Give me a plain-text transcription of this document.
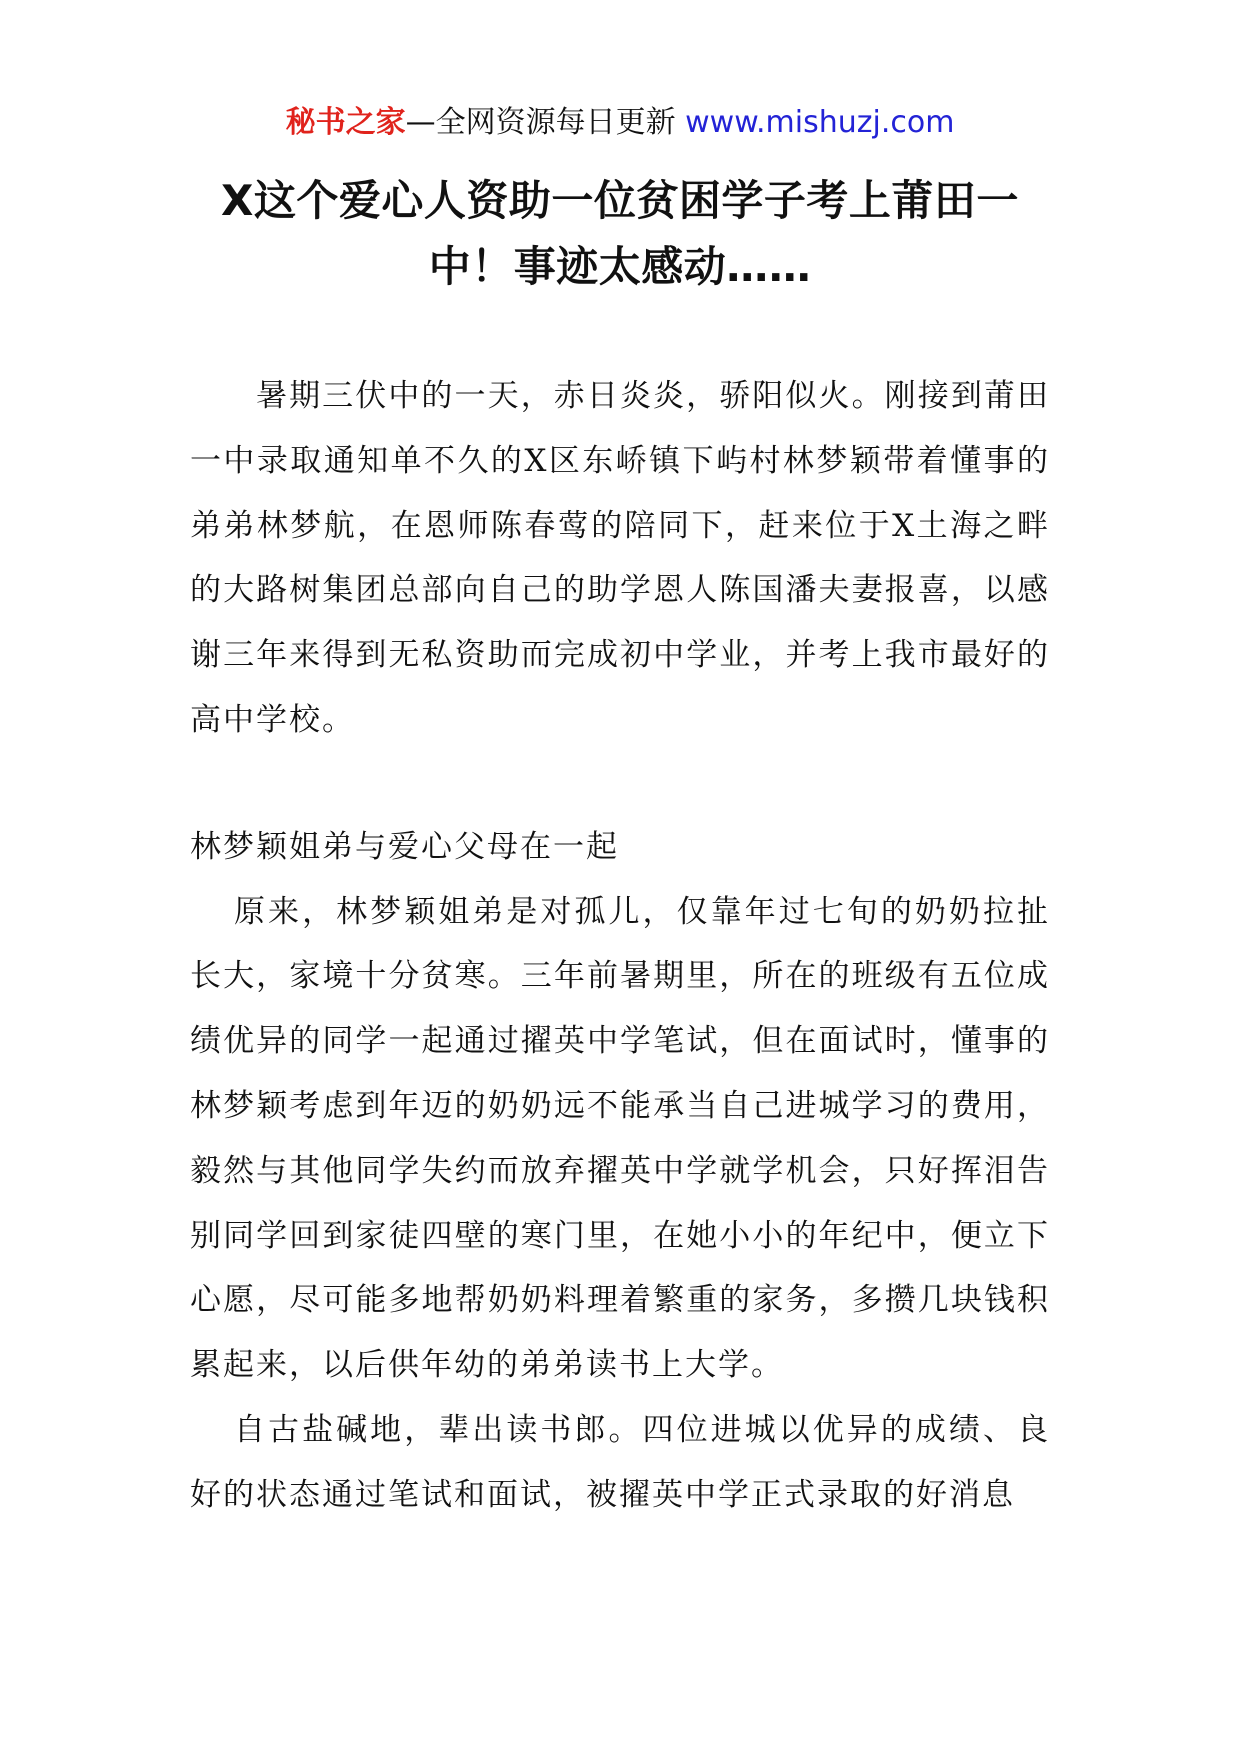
秘书之家—全网资源每日更新 www.mishuzj.com
X这个爱心人资助一位贫困学子考上莆田一中！事迹太感动……

暑期三伏中的一天，赤日炎炎，骄阳似火。刚接到莆田一中录取通知单不久的X区东峤镇下屿村林梦颖带着懂事的弟弟林梦航，在恩师陈春莺的陪同下，赶来位于X土海之畔的大路树集团总部向自己的助学恩人陈国潘夫妻报喜，以感谢三年来得到无私资助而完成初中学业，并考上我市最好的高中学校。

林梦颖姐弟与爱心父母在一起

原来，林梦颖姐弟是对孤儿，仅靠年过七旬的奶奶拉扯长大，家境十分贫寒。三年前暑期里，所在的班级有五位成绩优异的同学一起通过擢英中学笔试，但在面试时，懂事的林梦颖考虑到年迈的奶奶远不能承当自己进城学习的费用，毅然与其他同学失约而放弃擢英中学就学机会，只好挥泪告别同学回到家徒四壁的寒门里，在她小小的年纪中，便立下心愿，尽可能多地帮奶奶料理着繁重的家务，多攒几块钱积累起来，以后供年幼的弟弟读书上大学。

自古盐碱地，辈出读书郎。四位进城以优异的成绩、良好的状态通过笔试和面试，被擢英中学正式录取的好消息
